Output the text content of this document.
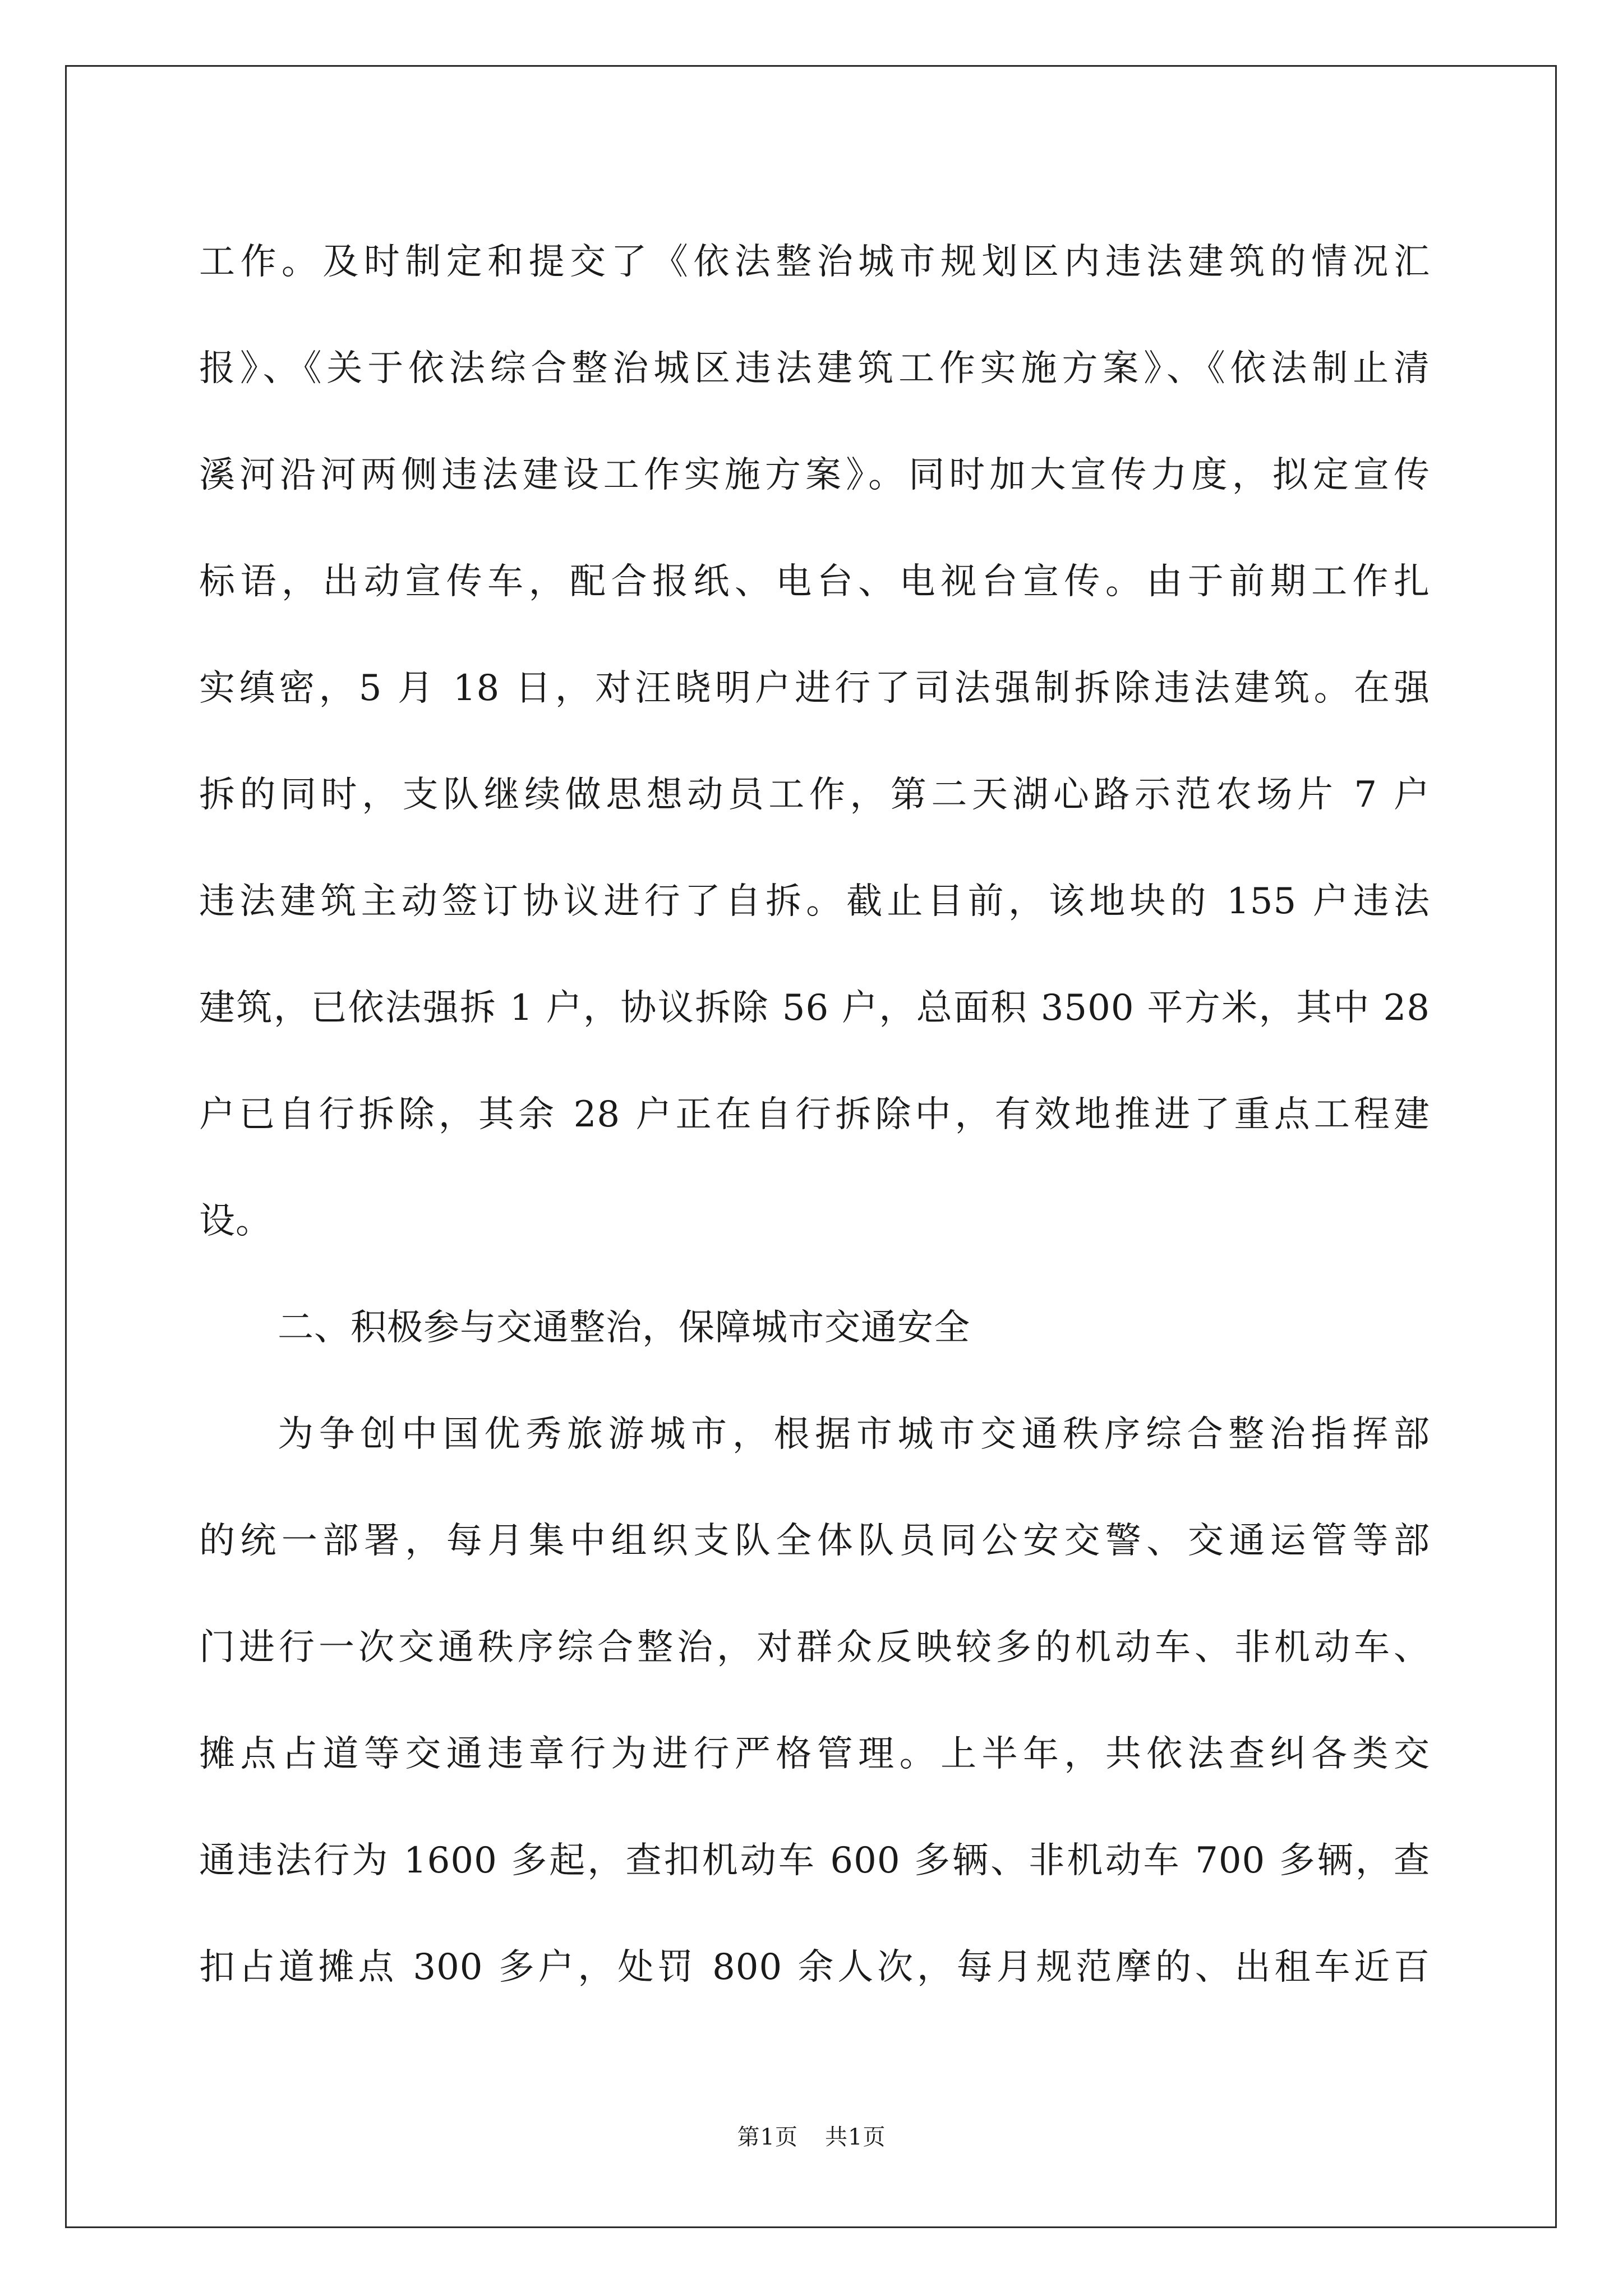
工作。及时制定和提交了《依法整治城市规划区内违法建筑的情况汇
报》、《关于依法综合整治城区违法建筑工作实施方案》、《依法制止清
溪河沿河两侧违法建设工作实施方案》。同时加大宣传力度，拟定宣传
标语，出动宣传车，配合报纸、电台、电视台宣传。由于前期工作扎
实缜密，5 月 18 日，对汪晓明户进行了司法强制拆除违法建筑。在强
拆的同时，支队继续做思想动员工作，第二天湖心路示范农场片 7 户
违法建筑主动签订协议进行了自拆。截止目前，该地块的 155 户违法
建筑，已依法强拆 1 户，协议拆除 56 户，总面积 3500 平方米，其中 28
户已自行拆除，其余 28 户正在自行拆除中，有效地推进了重点工程建
设。
二、积极参与交通整治，保障城市交通安全
为争创中国优秀旅游城市，根据市城市交通秩序综合整治指挥部
的统一部署，每月集中组织支队全体队员同公安交警、交通运管等部
门进行一次交通秩序综合整治，对群众反映较多的机动车、非机动车、
摊点占道等交通违章行为进行严格管理。上半年，共依法查纠各类交
通违法行为 1600 多起，查扣机动车 600 多辆、非机动车 700 多辆，查
扣占道摊点 300 多户，处罚 800 余人次，每月规范摩的、出租车近百
第1页 共1页
